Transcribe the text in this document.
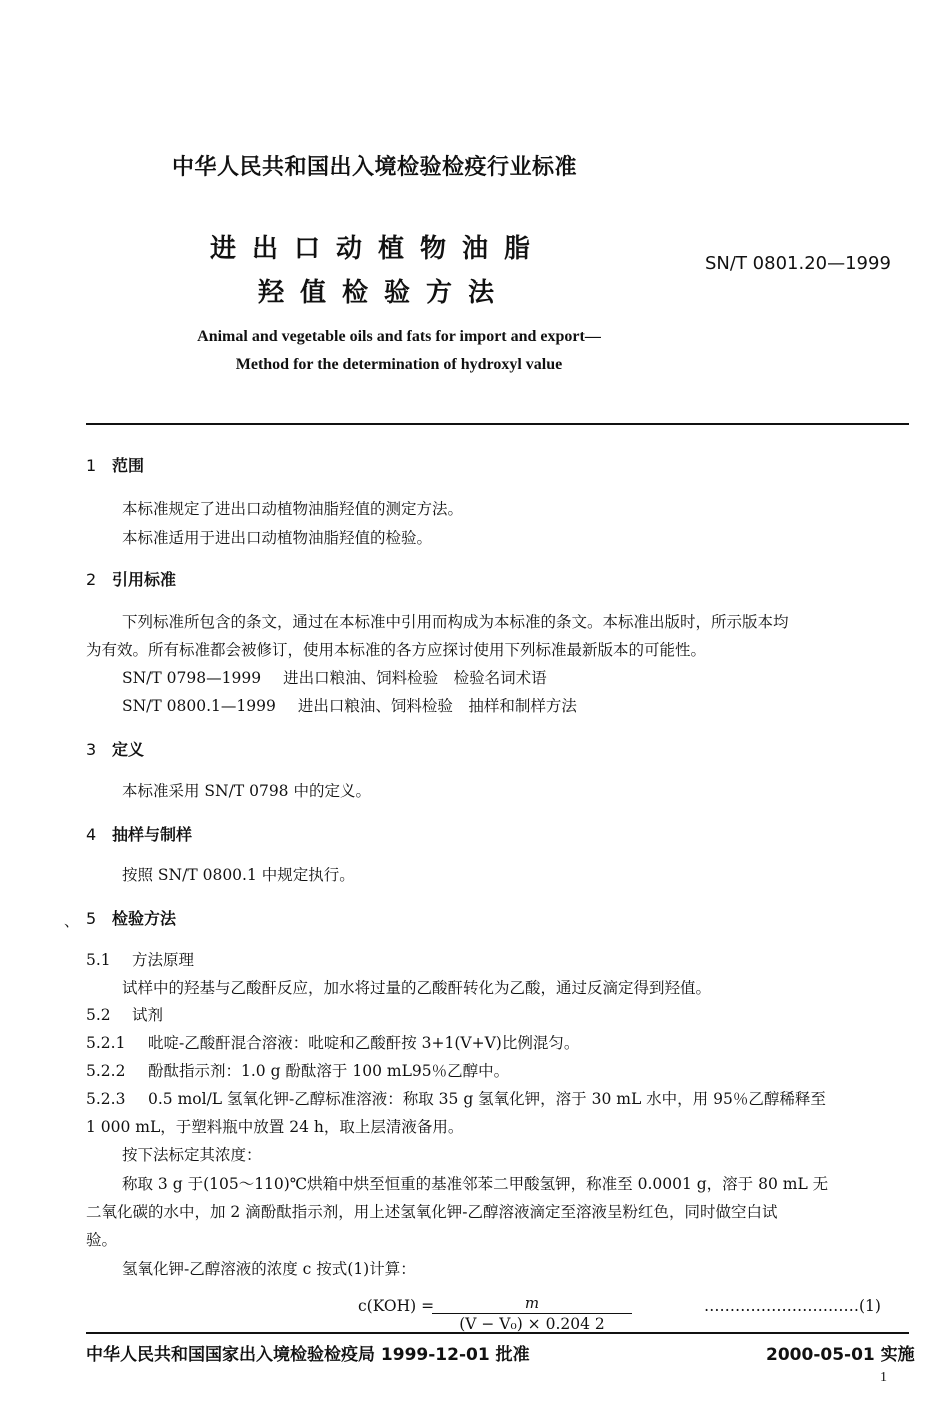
中华人民共和国出入境检验检疫行业标准
进出口动植物油脂
羟值检验方法
SN/T 0801.20—1999
Animal and vegetable oils and fats for import and export—
Method for the determination of hydroxyl value
1 范围
本标准规定了进出口动植物油脂羟值的测定方法。
本标准适用于进出口动植物油脂羟值的检验。
2 引用标准
下列标准所包含的条文，通过在本标准中引用而构成为本标准的条文。本标准出版时，所示版本均
为有效。所有标准都会被修订，使用本标准的各方应探讨使用下列标准最新版本的可能性。
SN/T 0798—1999 进出口粮油、饲料检验　检验名词术语
SN/T 0800.1—1999 进出口粮油、饲料检验　抽样和制样方法
3 定义
本标准采用 SN/T 0798 中的定义。
4 抽样与制样
按照 SN/T 0800.1 中规定执行。
、 5 检验方法
5.1 方法原理
试样中的羟基与乙酸酐反应，加水将过量的乙酸酐转化为乙酸，通过反滴定得到羟值。
5.2 试剂
5.2.1 吡啶-乙酸酐混合溶液：吡啶和乙酸酐按 3+1(V+V)比例混匀。
5.2.2 酚酞指示剂：1.0 g 酚酞溶于 100 mL95％乙醇中。
5.2.3 0.5 mol/L 氢氧化钾-乙醇标准溶液：称取 35 g 氢氧化钾，溶于 30 mL 水中，用 95％乙醇稀释至
1 000 mL，于塑料瓶中放置 24 h，取上层清液备用。
按下法标定其浓度：
称取 3 g 于(105～110)℃烘箱中烘至恒重的基准邻苯二甲酸氢钾，称准至 0.0001 g，溶于 80 mL 无
二氧化碳的水中，加 2 滴酚酞指示剂，用上述氢氧化钾-乙醇溶液滴定至溶液呈粉红色，同时做空白试
验。
氢氧化钾-乙醇溶液的浓度 c 按式(1)计算：
c(KOH) =	m
(V − V₀) × 0.204 2
…………………………(1)
中华人民共和国国家出入境检验检疫局 1999-12-01 批准	2000-05-01 实施
1
